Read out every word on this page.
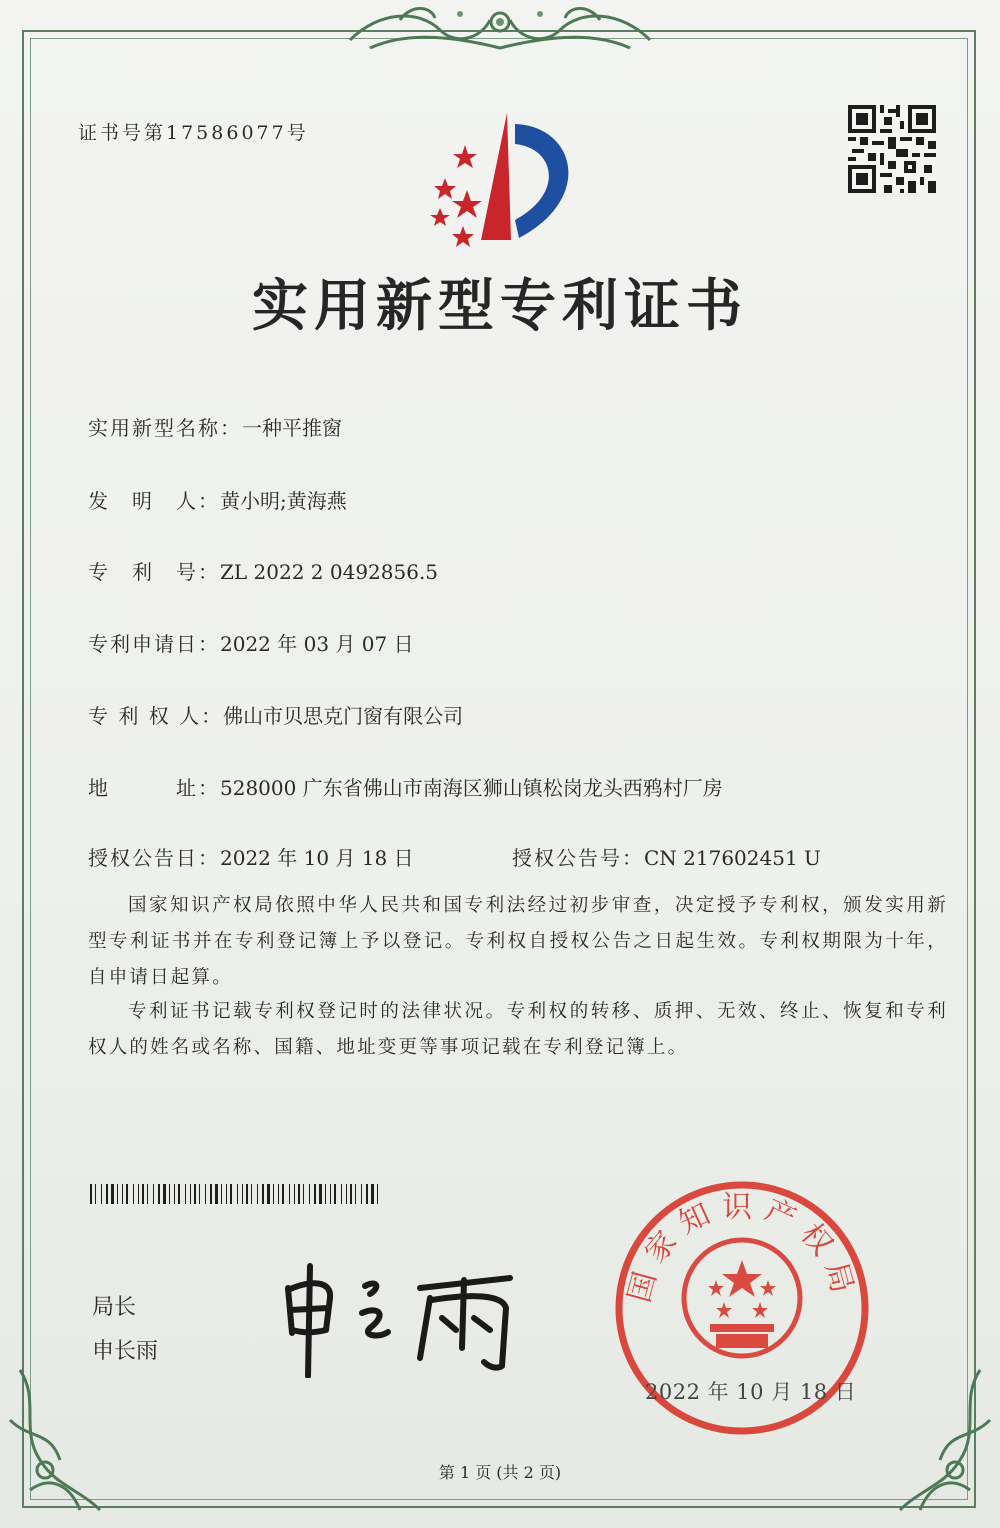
证书号第17586077号
实用新型专利证书
实用新型名称：一种平推窗
发　明　人：黄小明;黄海燕
专　利　号：ZL 2022 2 0492856.5
专利申请日：2022 年 03 月 07 日
专 利 权 人：佛山市贝思克门窗有限公司
地　　　址：528000 广东省佛山市南海区狮山镇松岗龙头西鸦村厂房
授权公告日：2022 年 10 月 18 日	授权公告号：CN 217602451 U
国家知识产权局依照中华人民共和国专利法经过初步审查，决定授予专利权，颁发实用新型专利证书并在专利登记簿上予以登记。专利权自授权公告之日起生效。专利权期限为十年，自申请日起算。
专利证书记载专利权登记时的法律状况。专利权的转移、质押、无效、终止、恢复和专利权人的姓名或名称、国籍、地址变更等事项记载在专利登记簿上。
局长
申长雨
国家知识产权局
2022 年 10 月 18 日
第 1 页 (共 2 页)
